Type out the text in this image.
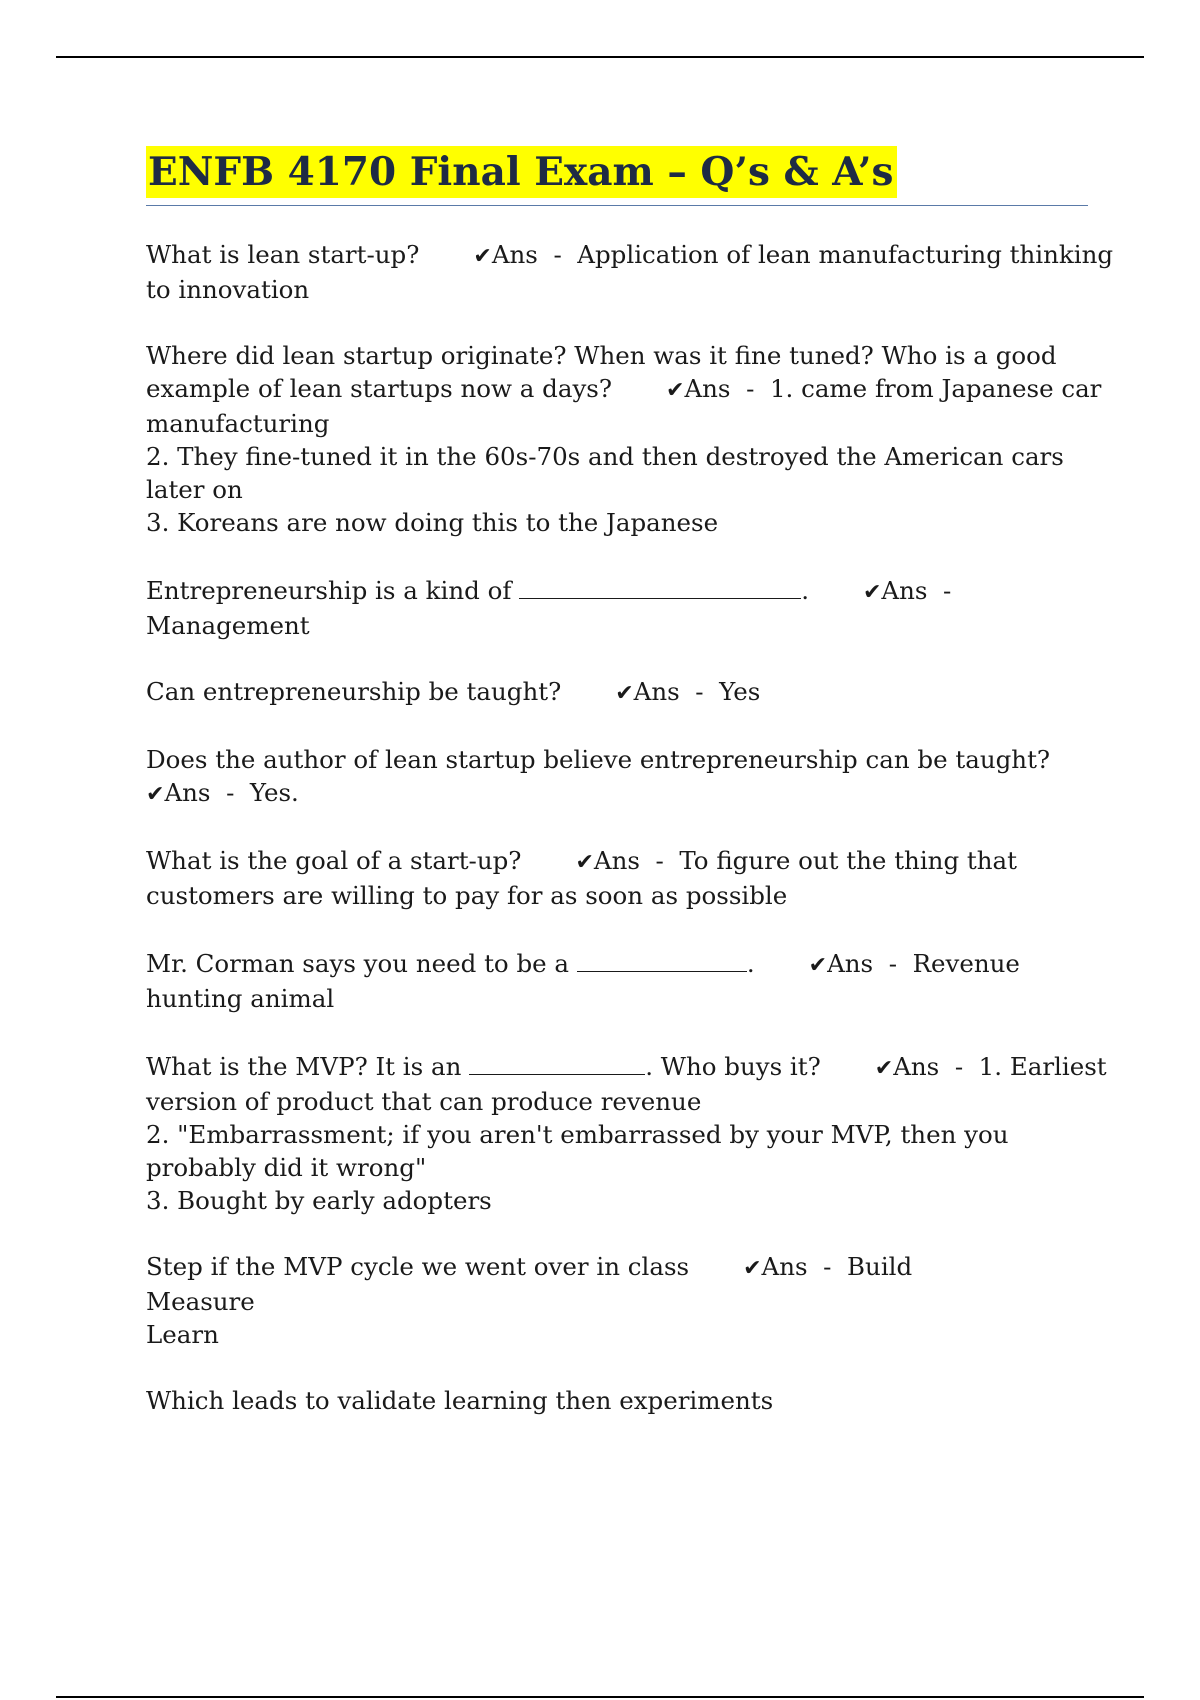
ENFB 4170 Final Exam – Q’s & A’s
What is lean start-up? ✔Ans - Application of lean manufacturing thinking
to innovation
Where did lean startup originate? When was it fine tuned? Who is a good
example of lean startups now a days? ✔Ans - 1. came from Japanese car
manufacturing
2. They fine-tuned it in the 60s-70s and then destroyed the American cars
later on
3. Koreans are now doing this to the Japanese
Entrepreneurship is a kind of	. ✔Ans -
Management
Can entrepreneurship be taught? ✔Ans - Yes
Does the author of lean startup believe entrepreneurship can be taught?
✔Ans - Yes.
What is the goal of a start-up? ✔Ans - To figure out the thing that
customers are willing to pay for as soon as possible
Mr. Corman says you need to be a	. ✔Ans - Revenue
hunting animal
What is the MVP? It is an	. Who buys it? ✔Ans - 1. Earliest
version of product that can produce revenue
2. "Embarrassment; if you aren't embarrassed by your MVP, then you
probably did it wrong"
3. Bought by early adopters
Step if the MVP cycle we went over in class ✔Ans - Build
Measure
Learn
Which leads to validate learning then experiments
